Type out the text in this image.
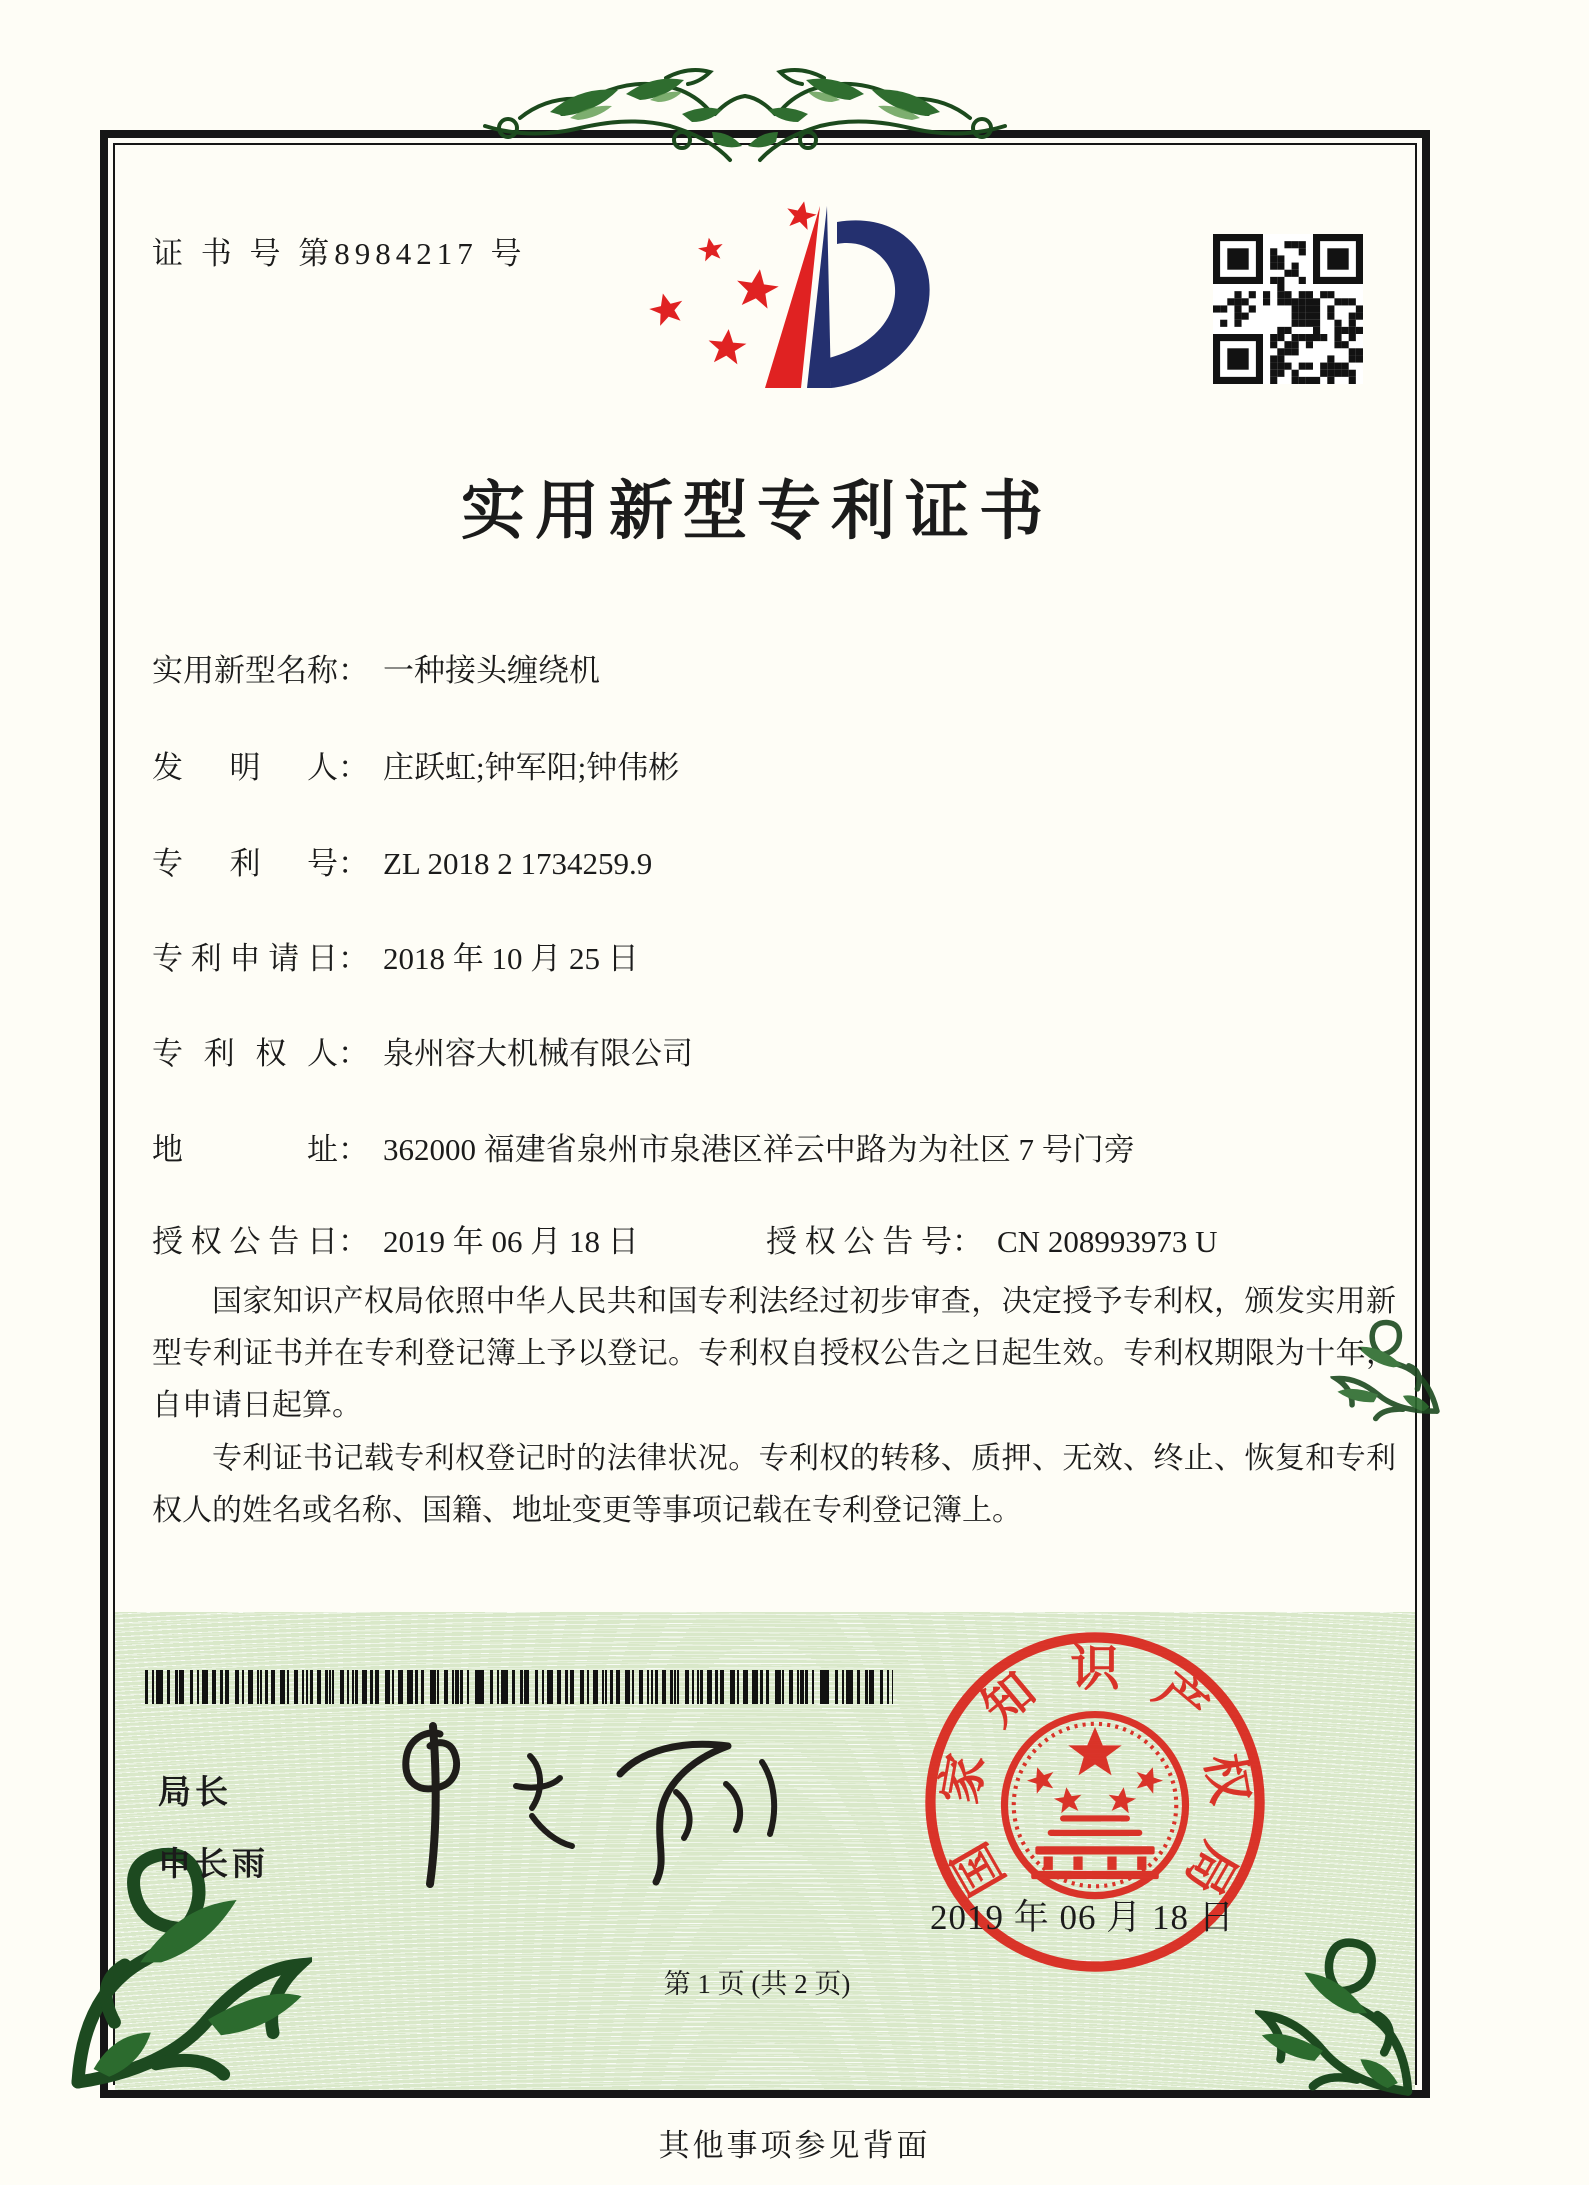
证 书 号 第8984217 号
实用新型专利证书
实用新型名称： 一种接头缠绕机
发明人： 庄跃虹;钟军阳;钟伟彬
专利号： ZL 2018 2 1734259.9
专利申请日： 2018 年 10 月 25 日
专利权人： 泉州容大机械有限公司
地址： 362000 福建省泉州市泉港区祥云中路为为社区 7 号门旁
授权公告日： 2019 年 06 月 18 日	授权公告号： CN 208993973 U

国家知识产权局依照中华人民共和国专利法经过初步审查，决定授予专利权，颁发实用新型专利证书并在专利登记簿上予以登记。专利权自授权公告之日起生效。专利权期限为十年，自申请日起算。

专利证书记载专利权登记时的法律状况。专利权的转移、质押、无效、终止、恢复和专利权人的姓名或名称、国籍、地址变更等事项记载在专利登记簿上。

局长
申长雨	国
家
知 识 产
权
局
2019 年 06 月 18 日
第 1 页 (共 2 页)
其他事项参见背面
